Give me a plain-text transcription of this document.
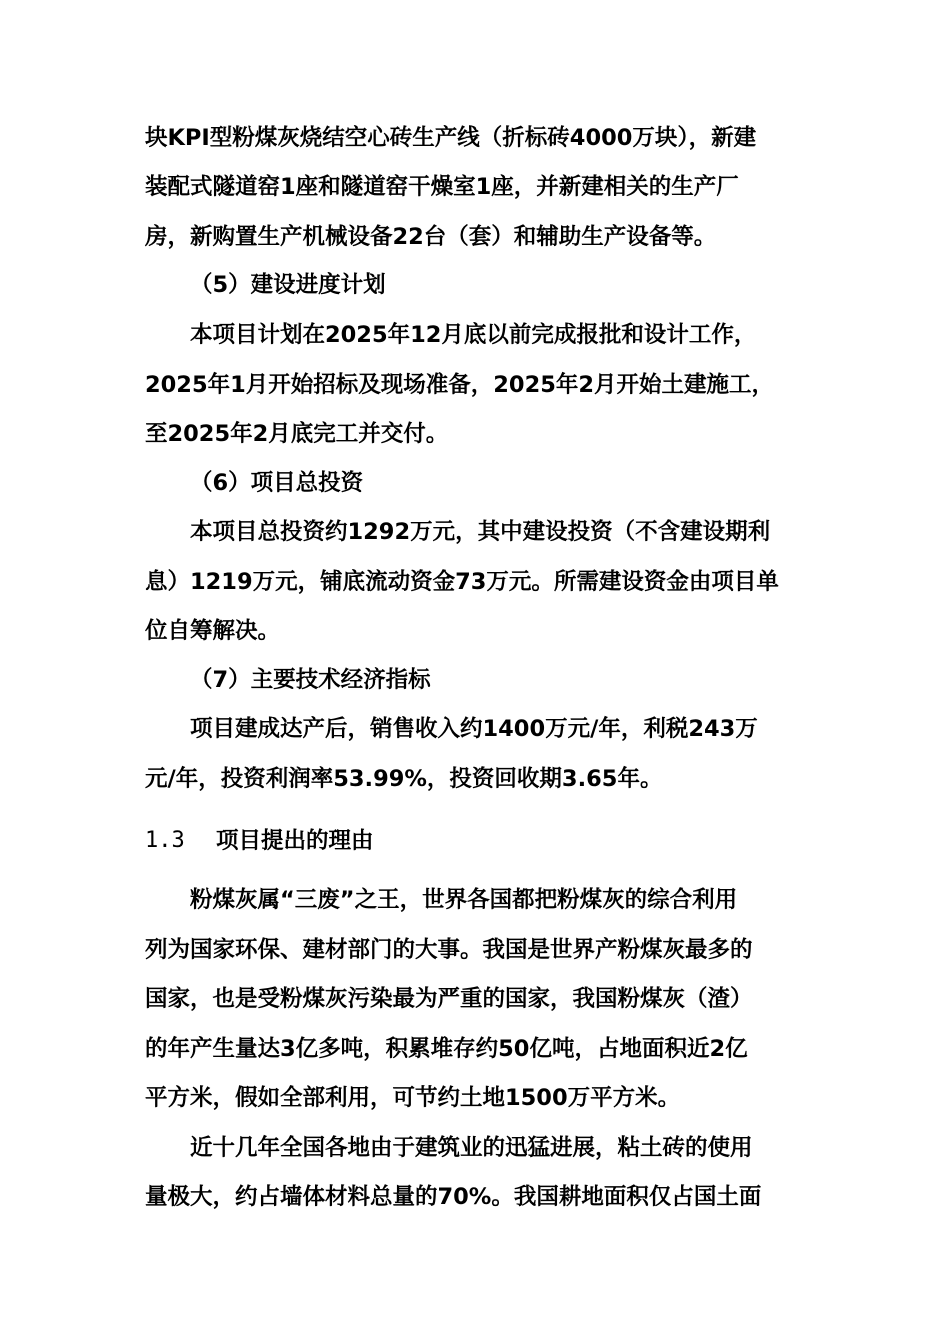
块KPI型粉煤灰烧结空心砖生产线（折标砖4000万块），新建
装配式隧道窑1座和隧道窑干燥室1座，并新建相关的生产厂
房，新购置生产机械设备22台（套）和辅助生产设备等。
（5）建设进度计划
本项目计划在2025年12月底以前完成报批和设计工作，
2025年1月开始招标及现场准备，2025年2月开始土建施工，
至2025年2月底完工并交付。
（6）项目总投资
本项目总投资约1292万元，其中建设投资（不含建设期利
息）1219万元，铺底流动资金73万元。所需建设资金由项目单
位自筹解决。
（7）主要技术经济指标
项目建成达产后，销售收入约1400万元/年，利税243万
元/年，投资利润率53.99%，投资回收期3.65年。
1.3 项目提出的理由
粉煤灰属“三废”之王，世界各国都把粉煤灰的综合利用
列为国家环保、建材部门的大事。我国是世界产粉煤灰最多的
国家，也是受粉煤灰污染最为严重的国家，我国粉煤灰（渣）
的年产生量达3亿多吨，积累堆存约50亿吨，占地面积近2亿
平方米，假如全部利用，可节约土地1500万平方米。
近十几年全国各地由于建筑业的迅猛进展，粘土砖的使用
量极大，约占墙体材料总量的70%。我国耕地面积仅占国土面
